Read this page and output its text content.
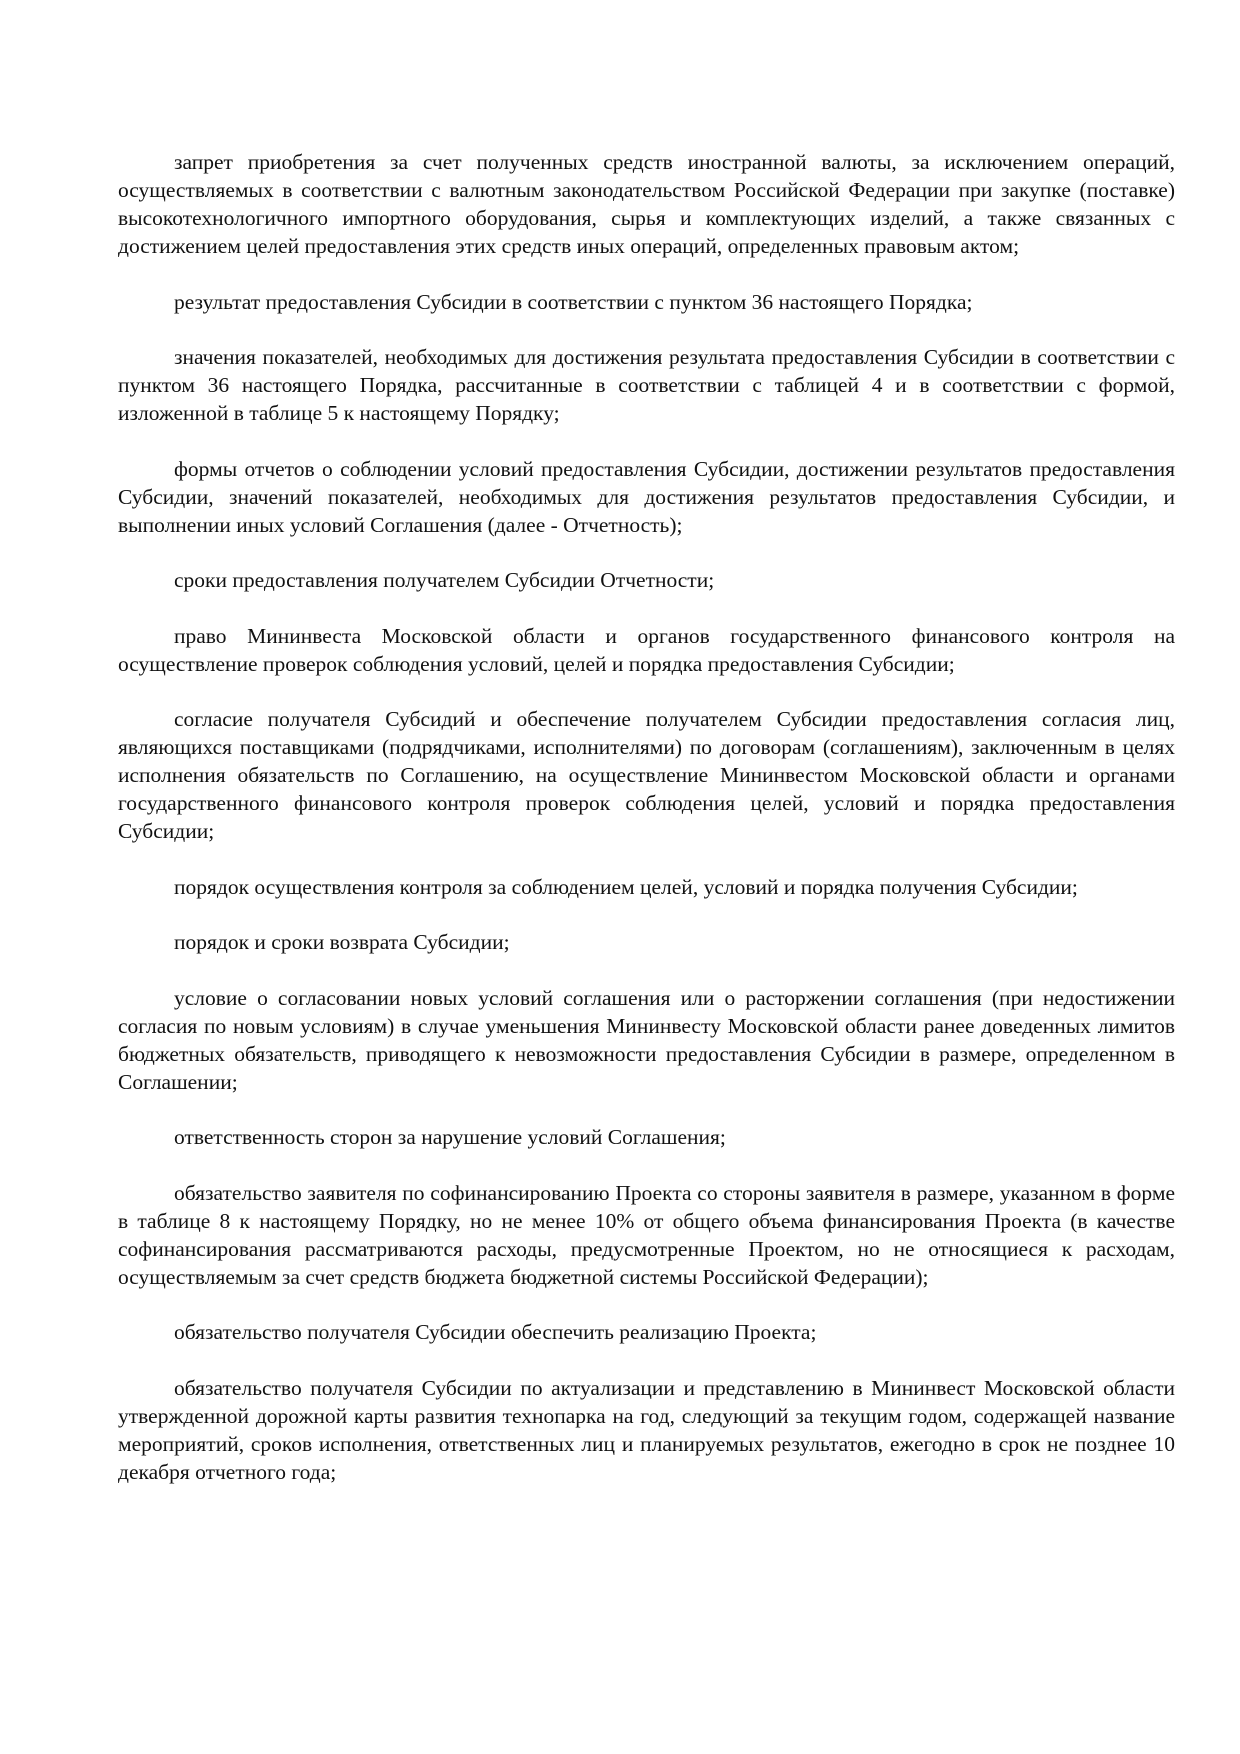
запрет приобретения за счет полученных средств иностранной валюты, за исключением операций, осуществляемых в соответствии с валютным законодательством Российской Федерации при закупке (поставке) высокотехнологичного импортного оборудования, сырья и комплектующих изделий, а также связанных с достижением целей предоставления этих средств иных операций, определенных правовым актом;

результат предоставления Субсидии в соответствии с пунктом 36 настоящего Порядка;

значения показателей, необходимых для достижения результата предоставления Субсидии в соответствии с пунктом 36 настоящего Порядка, рассчитанные в соответствии с таблицей 4 и в соответствии с формой, изложенной в таблице 5 к настоящему Порядку;

формы отчетов о соблюдении условий предоставления Субсидии, достижении результатов предоставления Субсидии, значений показателей, необходимых для достижения результатов предоставления Субсидии, и выполнении иных условий Соглашения (далее - Отчетность);

сроки предоставления получателем Субсидии Отчетности;

право Мининвеста Московской области и органов государственного финансового контроля на осуществление проверок соблюдения условий, целей и порядка предоставления Субсидии;

согласие получателя Субсидий и обеспечение получателем Субсидии предоставления согласия лиц, являющихся поставщиками (подрядчиками, исполнителями) по договорам (соглашениям), заключенным в целях исполнения обязательств по Соглашению, на осуществление Мининвестом Московской области и органами государственного финансового контроля проверок соблюдения целей, условий и порядка предоставления Субсидии;

порядок осуществления контроля за соблюдением целей, условий и порядка получения Субсидии;

порядок и сроки возврата Субсидии;

условие о согласовании новых условий соглашения или о расторжении соглашения (при недостижении согласия по новым условиям) в случае уменьшения Мининвесту Московской области ранее доведенных лимитов бюджетных обязательств, приводящего к невозможности предоставления Субсидии в размере, определенном в Соглашении;

ответственность сторон за нарушение условий Соглашения;

обязательство заявителя по софинансированию Проекта со стороны заявителя в размере, указанном в форме в таблице 8 к настоящему Порядку, но не менее 10% от общего объема финансирования Проекта (в качестве софинансирования рассматриваются расходы, предусмотренные Проектом, но не относящиеся к расходам, осуществляемым за счет средств бюджета бюджетной системы Российской Федерации);

обязательство получателя Субсидии обеспечить реализацию Проекта;

обязательство получателя Субсидии по актуализации и представлению в Мининвест Московской области утвержденной дорожной карты развития технопарка на год, следующий за текущим годом, содержащей название мероприятий, сроков исполнения, ответственных лиц и планируемых результатов, ежегодно в срок не позднее 10 декабря отчетного года;
